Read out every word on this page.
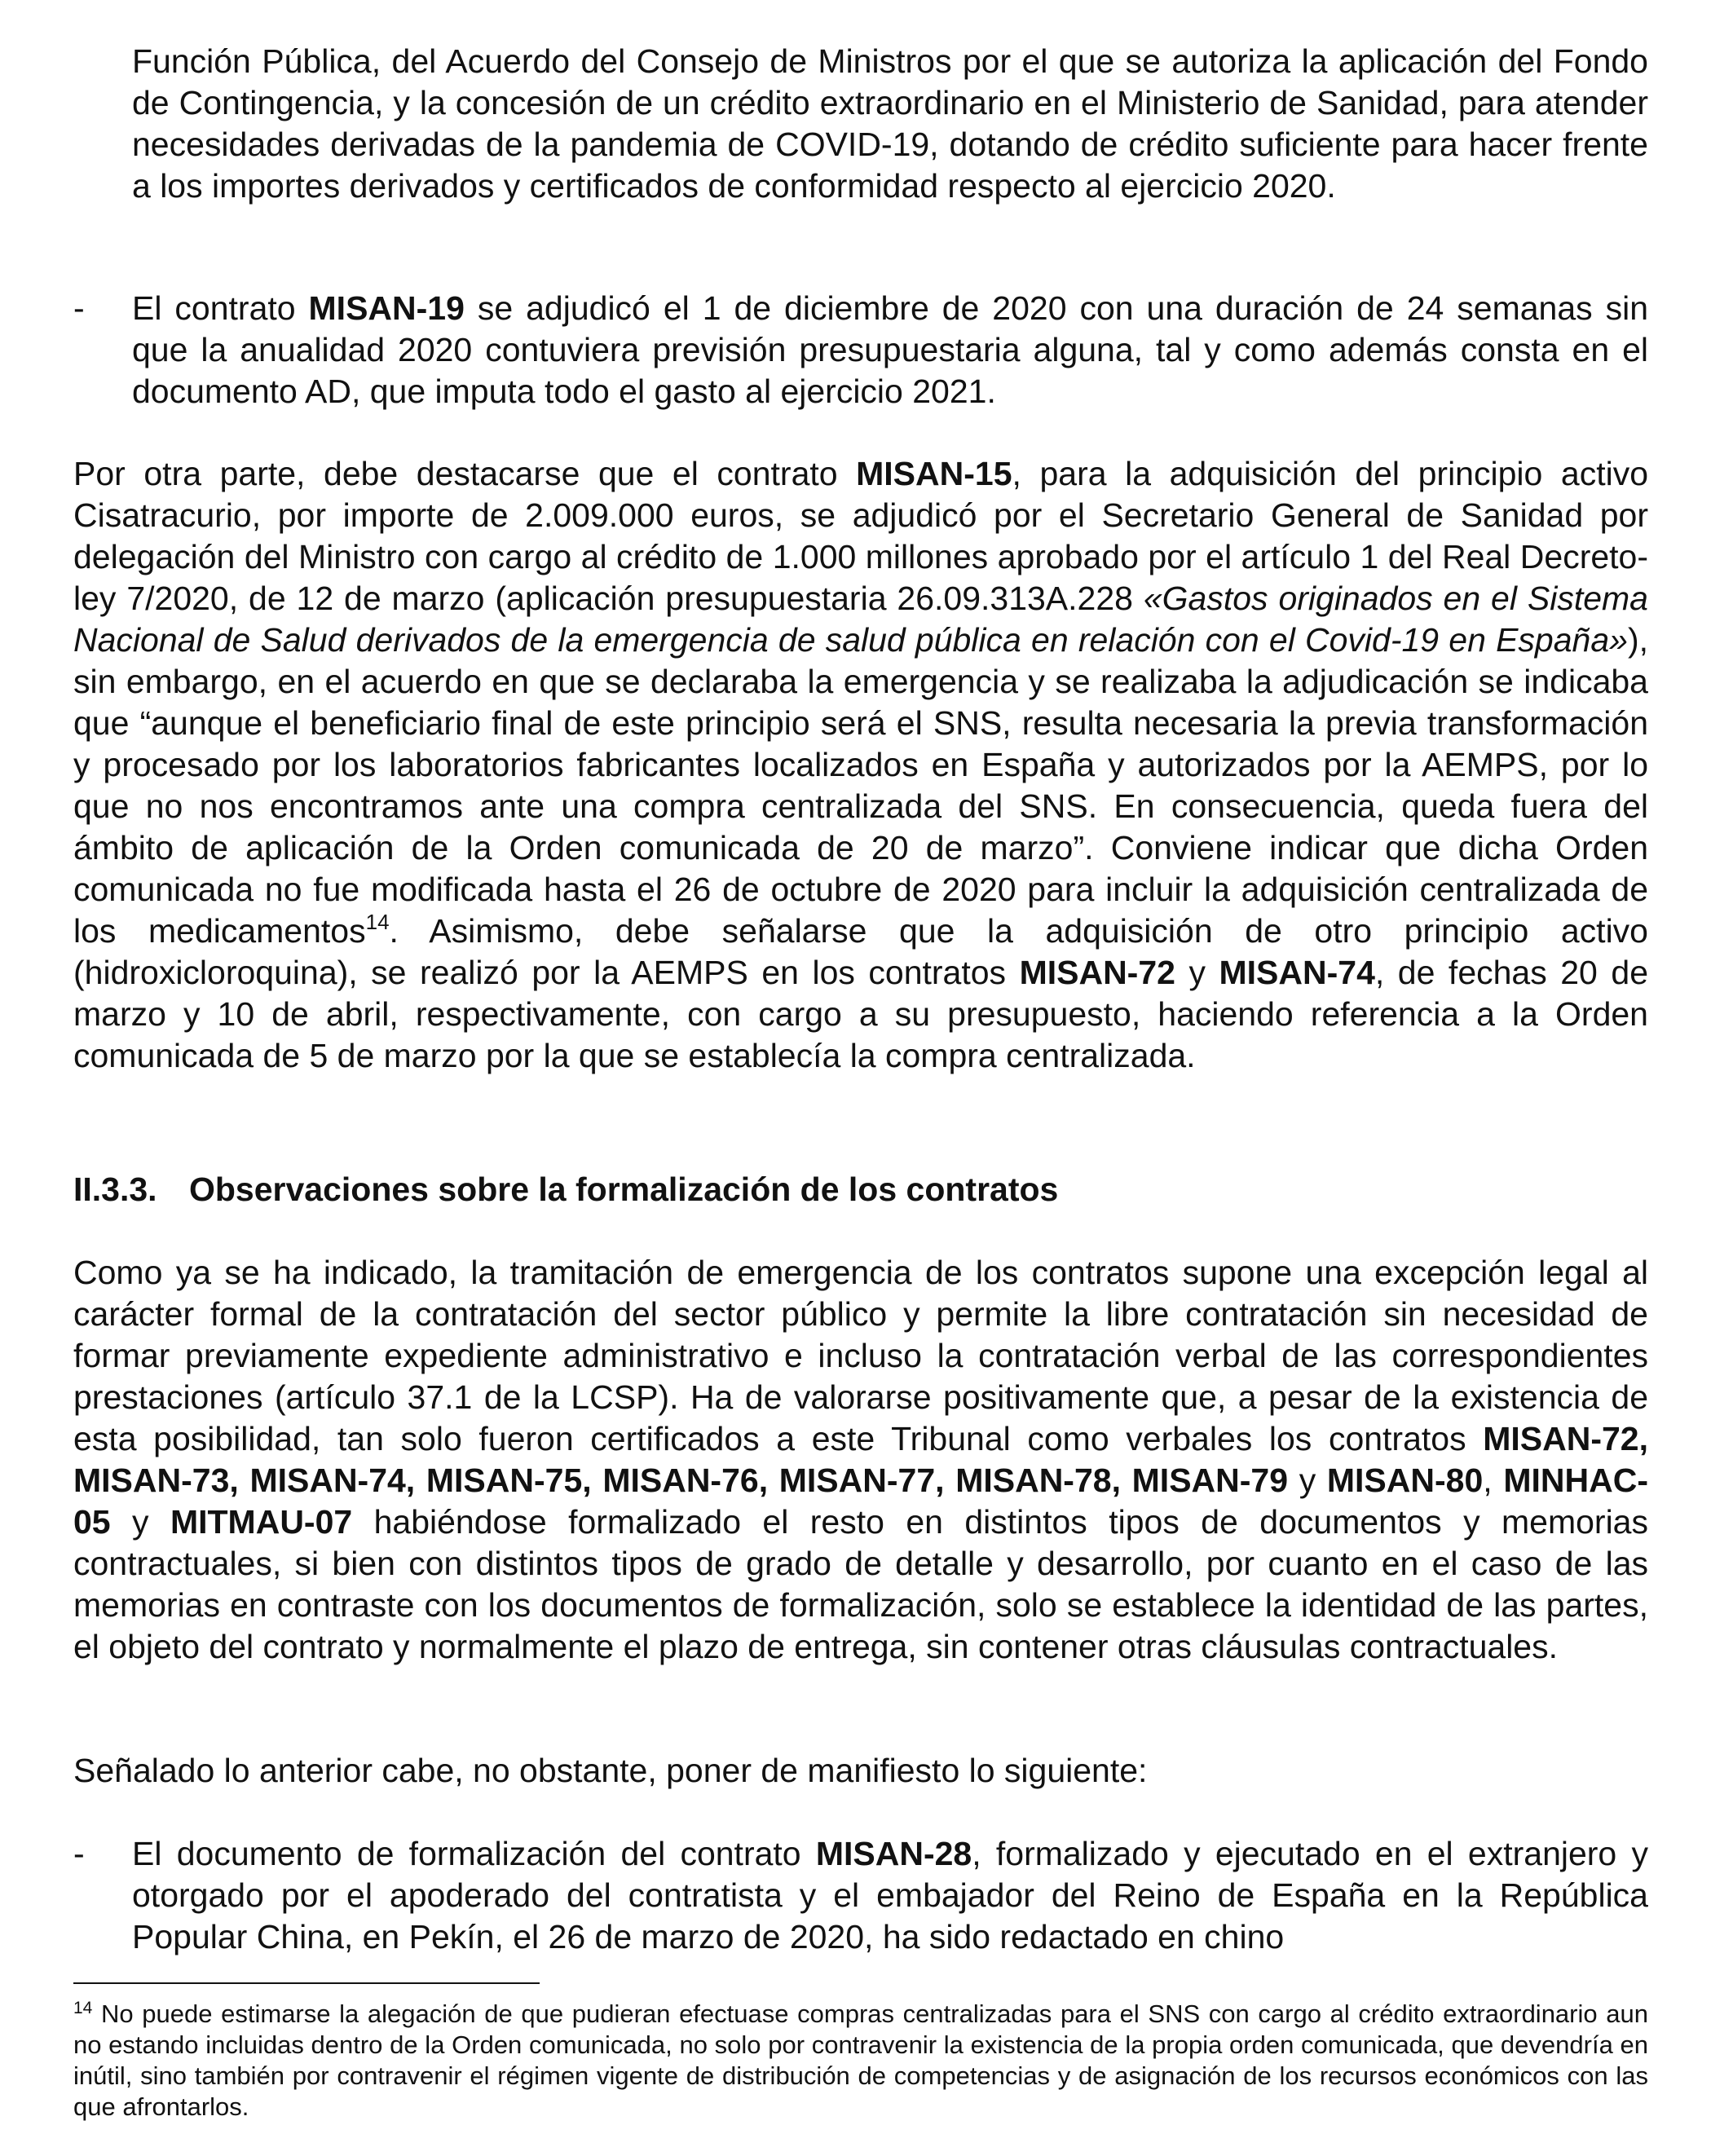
Función Pública, del Acuerdo del Consejo de Ministros por el que se autoriza la aplicación del Fondo de Contingencia, y la concesión de un crédito extraordinario en el Ministerio de Sanidad, para atender necesidades derivadas de la pandemia de COVID-19, dotando de crédito suficiente para hacer frente a los importes derivados y certificados de conformidad respecto al ejercicio 2020.

- El contrato MISAN-19 se adjudicó el 1 de diciembre de 2020 con una duración de 24 semanas sin que la anualidad 2020 contuviera previsión presupuestaria alguna, tal y como además consta en el documento AD, que imputa todo el gasto al ejercicio 2021.

Por otra parte, debe destacarse que el contrato MISAN-15, para la adquisición del principio activo Cisatracurio, por importe de 2.009.000 euros, se adjudicó por el Secretario General de Sanidad por delegación del Ministro con cargo al crédito de 1.000 millones aprobado por el artículo 1 del Real Decreto-ley 7/2020, de 12 de marzo (aplicación presupuestaria 26.09.313A.228 «Gastos originados en el Sistema Nacional de Salud derivados de la emergencia de salud pública en relación con el Covid-19 en España»), sin embargo, en el acuerdo en que se declaraba la emergencia y se realizaba la adjudicación se indicaba que “aunque el beneficiario final de este principio será el SNS, resulta necesaria la previa transformación y procesado por los laboratorios fabricantes localizados en España y autorizados por la AEMPS, por lo que no nos encontramos ante una compra centralizada del SNS. En consecuencia, queda fuera del ámbito de aplicación de la Orden comunicada de 20 de marzo”. Conviene indicar que dicha Orden comunicada no fue modificada hasta el 26 de octubre de 2020 para incluir la adquisición centralizada de los medicamentos$^{14}$. Asimismo, debe señalarse que la adquisición de otro principio activo (hidroxicloroquina), se realizó por la AEMPS en los contratos MISAN-72 y MISAN-74, de fechas 20 de marzo y 10 de abril, respectivamente, con cargo a su presupuesto, haciendo referencia a la Orden comunicada de 5 de marzo por la que se establecía la compra centralizada.

II.3.3. Observaciones sobre la formalización de los contratos

Como ya se ha indicado, la tramitación de emergencia de los contratos supone una excepción legal al carácter formal de la contratación del sector público y permite la libre contratación sin necesidad de formar previamente expediente administrativo e incluso la contratación verbal de las correspondientes prestaciones (artículo 37.1 de la LCSP). Ha de valorarse positivamente que, a pesar de la existencia de esta posibilidad, tan solo fueron certificados a este Tribunal como verbales los contratos MISAN-72, MISAN-73, MISAN-74, MISAN-75, MISAN-76, MISAN-77, MISAN-78, MISAN-79 y MISAN-80, MINHAC-05 y MITMAU-07 habiéndose formalizado el resto en distintos tipos de documentos y memorias contractuales, si bien con distintos tipos de grado de detalle y desarrollo, por cuanto en el caso de las memorias en contraste con los documentos de formalización, solo se establece la identidad de las partes, el objeto del contrato y normalmente el plazo de entrega, sin contener otras cláusulas contractuales.

Señalado lo anterior cabe, no obstante, poner de manifiesto lo siguiente:

- El documento de formalización del contrato MISAN-28, formalizado y ejecutado en el extranjero y otorgado por el apoderado del contratista y el embajador del Reino de España en la República Popular China, en Pekín, el 26 de marzo de 2020, ha sido redactado en chino

$^{14}$ No puede estimarse la alegación de que pudieran efectuase compras centralizadas para el SNS con cargo al crédito extraordinario aun no estando incluidas dentro de la Orden comunicada, no solo por contravenir la existencia de la propia orden comunicada, que devendría en inútil, sino también por contravenir el régimen vigente de distribución de competencias y de asignación de los recursos económicos con las que afrontarlos.
